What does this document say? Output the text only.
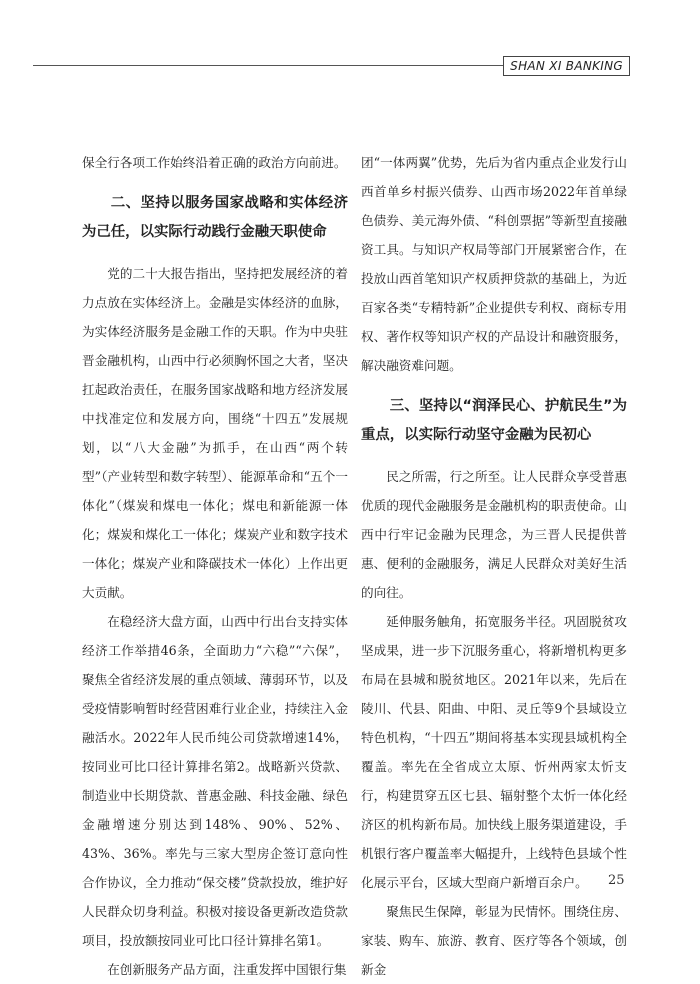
SHAN XI BANKING

保全行各项工作始终沿着正确的政治方向前进。

二、坚持以服务国家战略和实体经济为己任，以实际行动践行金融天职使命

党的二十大报告指出，坚持把发展经济的着力点放在实体经济上。金融是实体经济的血脉，为实体经济服务是金融工作的天职。作为中央驻晋金融机构，山西中行必须胸怀国之大者，坚决扛起政治责任，在服务国家战略和地方经济发展中找准定位和发展方向，围绕“十四五”发展规划，以“八大金融”为抓手，在山西“两个转型”（产业转型和数字转型）、能源革命和“五个一体化”（煤炭和煤电一体化；煤电和新能源一体化；煤炭和煤化工一体化；煤炭产业和数字技术一体化；煤炭产业和降碳技术一体化）上作出更大贡献。

在稳经济大盘方面，山西中行出台支持实体经济工作举措46条，全面助力“六稳”“六保”，聚焦全省经济发展的重点领域、薄弱环节，以及受疫情影响暂时经营困难行业企业，持续注入金融活水。2022年人民币纯公司贷款增速14%，按同业可比口径计算排名第2。战略新兴贷款、制造业中长期贷款、普惠金融、科技金融、绿色金融增速分别达到148%、90%、52%、43%、36%。率先与三家大型房企签订意向性合作协议，全力推动“保交楼”贷款投放，维护好人民群众切身利益。积极对接设备更新改造贷款项目，投放额按同业可比口径计算排名第1。

在创新服务产品方面，注重发挥中国银行集

团“一体两翼”优势，先后为省内重点企业发行山西首单乡村振兴债券、山西市场2022年首单绿色债券、美元海外债、“科创票据”等新型直接融资工具。与知识产权局等部门开展紧密合作，在投放山西首笔知识产权质押贷款的基础上，为近百家各类“专精特新”企业提供专利权、商标专用权、著作权等知识产权的产品设计和融资服务，解决融资难问题。

三、坚持以“润泽民心、护航民生”为重点，以实际行动坚守金融为民初心

民之所需，行之所至。让人民群众享受普惠优质的现代金融服务是金融机构的职责使命。山西中行牢记金融为民理念，为三晋人民提供普惠、便利的金融服务，满足人民群众对美好生活的向往。

延伸服务触角，拓宽服务半径。巩固脱贫攻坚成果，进一步下沉服务重心，将新增机构更多布局在县城和脱贫地区。2021年以来，先后在陵川、代县、阳曲、中阳、灵丘等9个县域设立特色机构，“十四五”期间将基本实现县域机构全覆盖。率先在全省成立太原、忻州两家太忻支行，构建贯穿五区七县、辐射整个太忻一体化经济区的机构新布局。加快线上服务渠道建设，手机银行客户覆盖率大幅提升，上线特色县域个性化展示平台，区域大型商户新增百余户。

聚焦民生保障，彰显为民情怀。围绕住房、家装、购车、旅游、教育、医疗等各个领域，创新金

25
